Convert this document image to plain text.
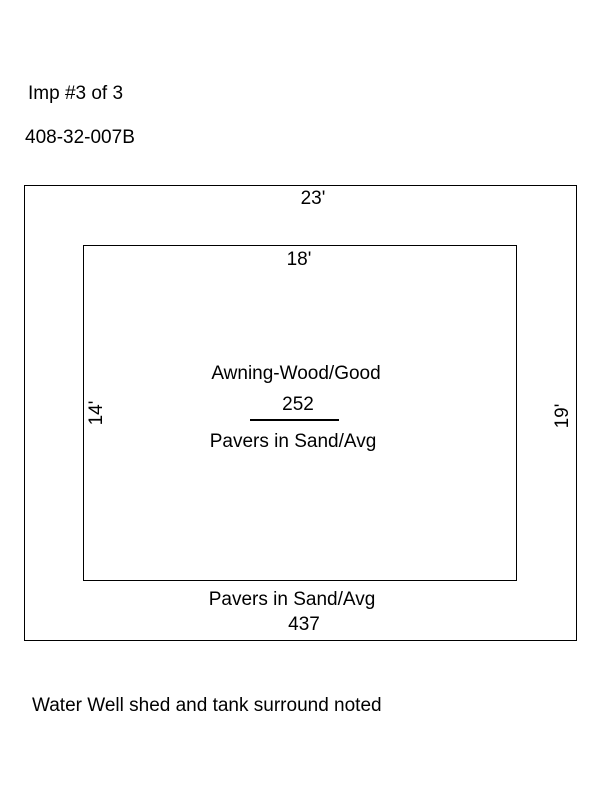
Imp #3 of 3
408-32-007B
23'
19'
Pavers in Sand/Avg
437
18'
14'
Awning-Wood/Good
252
Pavers in Sand/Avg
Water Well shed and tank surround noted
